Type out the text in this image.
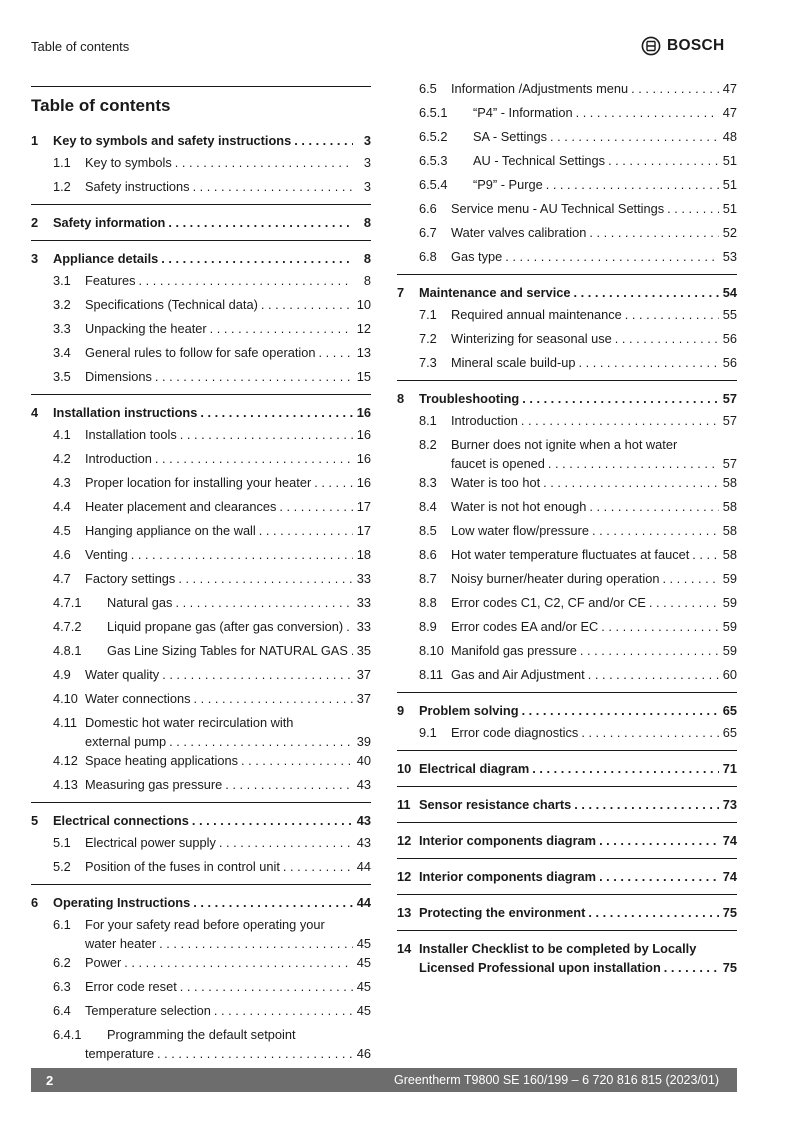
Table of contents	BOSCH
Table of contents
1	Key to symbols and safety instructions . . .	3
1.1	Key to symbols . . .	3
1.2	Safety instructions . . .	3
2	Safety information . . .	8
3	Appliance details . . .	8
3.1	Features . . .	8
3.2	Specifications (Technical data) . . .	10
3.3	Unpacking the heater . . .	12
3.4	General rules to follow for safe operation . . .	13
3.5	Dimensions . . .	15
4	Installation instructions . . .	16
4.1	Installation tools . . .	16
4.2	Introduction . . .	16
4.3	Proper location for installing your heater . . .	16
4.4	Heater placement and clearances . . .	17
4.5	Hanging appliance on the wall . . .	17
4.6	Venting . . .	18
4.7	Factory settings . . .	33
4.7.1	Natural gas . . .	33
4.7.2	Liquid propane gas (after gas conversion) . . . 33
4.8.1	Gas Line Sizing Tables for NATURAL GAS . . . 35
4.9	Water quality . . .	37
4.10 Water connections . . .	37
4.11 Domestic hot water recirculation with
external pump . . .	39
4.12 Space heating applications . . .	40
4.13 Measuring gas pressure . . .	43
5	Electrical connections . . .	43
5.1	Electrical power supply . . .	43
5.2	Position of the fuses in control unit . . .	44
6	Operating Instructions . . .	44
6.1	For your safety read before operating your
water heater . . .	45
6.2	Power . . .	45
6.3	Error code reset . . .	45
6.4	Temperature selection . . .	45
6.4.1	Programming the default setpoint
temperature . . .	46
6.5	Information /Adjustments menu . . .	47
6.5.1	“P4” - Information . . .	47
6.5.2	SA - Settings . . .	48
6.5.3	AU - Technical Settings . . .	51
6.5.4	“P9” - Purge . . .	51
6.6	Service menu - AU Technical Settings . . .	51
6.7	Water valves calibration . . .	52
6.8	Gas type . . .	53
7	Maintenance and service . . .	54
7.1	Required annual maintenance . . .	55
7.2	Winterizing for seasonal use . . .	56
7.3	Mineral scale build-up . . .	56
8	Troubleshooting . . .	57
8.1	Introduction . . .	57
8.2	Burner does not ignite when a hot water
faucet is opened . . .	57
8.3	Water is too hot . . .	58
8.4	Water is not hot enough . . .	58
8.5	Low water flow/pressure . . .	58
8.6	Hot water temperature fluctuates at faucet . . .	58
8.7	Noisy burner/heater during operation . . .	59
8.8	Error codes C1, C2, CF and/or CE . . .	59
8.9	Error codes EA and/or EC . . .	59
8.10 Manifold gas pressure . . .	59
8.11 Gas and Air Adjustment . . .	60
9	Problem solving . . .	65
9.1	Error code diagnostics . . .	65
10 Electrical diagram . . .	71
11 Sensor resistance charts . . .	73
12 Interior components diagram . . .	74
12 Interior components diagram . . .	74
13 Protecting the environment . . .	75
14 Installer Checklist to be completed by Locally
Licensed Professional upon installation . . .	75
2	Greentherm T9800 SE 160/199 – 6 720 816 815 (2023/01)
